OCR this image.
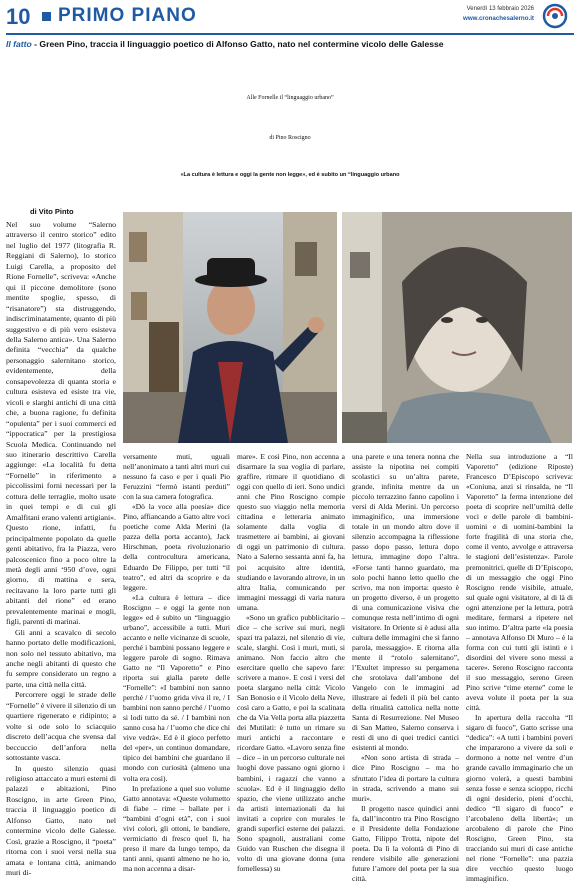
10 PRIMO PIANO	Venerdì 13 febbraio 2026
www.cronachesalerno.it
Il fatto - Green Pino, traccia il linguaggio poetico di Alfonso Gatto, nato nel contermine vicolo delle Galesse
Alle Fornelle il “linguaggio urbano”
di Pino Roscigno
«La cultura è lettura e oggi la gente non legge», ed è subito un “linguaggio urbano
di Vito Pinto

Nel suo volume “Salerno attraverso il centro storico” edito nel luglio del 1977 (litografia R. Reggiani di Salerno), lo storico Luigi Carella, a proposito del Rione Fornelle”, scriveva: «Anche qui il piccone demolitore (sono mentite spoglie, spesso, di “risanatore”) sta distruggendo, indiscriminatamente, quanto di più suggestivo e di più vero esisteva della Salerno antica». Una Salerno definita “vecchia” da qualche personaggio salernitano storico, evidentemente, della consapevolezza di quanta storia e cultura esisteva ed esiste tra vie, vicoli e slarghi antichi di una città che, a buona ragione, fu definita “opulenta” per i suoi commerci ed “ippocratica” per la prestigiosa Scuola Medica. Continuando nel suo itinerario descrittivo Carella aggiunge: «La località fu detta “Fornelle” in riferimento a piccolissimi forni necessari per la cottura delle terraglie, molto usate in quei tempi e di cui gli Amalfitani erano valenti artigiani». Questo rione, infatti, fu principalmente popolato da quelle genti abitativo, fra la Piazza, vero palcoscenico fino a poco oltre la metà degli anni ‘950 d’ove, ogni giorno, di mattina e sera, recitavano la loro parte tutti gli abitanti del rione” ed erano prevalentemente marinai e mogli, figli, parenti di marinai.

Gli anni a scavalco di secolo hanno portato delle modificazioni, non solo nel tessuto abitativo, ma anche negli abitanti di questo che fu sempre considerato un regno a parte, una città nella città.

Percorrere oggi le strade delle “Fornelle” è vivere il silenzio di un quartiere rigenerato e ridipinto; a volte si ode solo lo sciacquio discreto dell’acqua che svensa dal beccuccio dell’anfora nella sottostante vasca.

In questo silenzio quasi religioso attaccato a muri esterni di palazzi e abitazioni, Pino Roscigno, in arte Green Pino, traccia il linguaggio poetico di Alfonso Gatto, nato nel contermine vicolo delle Galesse. Così, grazie a Roscigno, il “poeta” ritorna con i suoi versi nella sua amata e lontana città, animando muri di-

versamente muti, uguali nell’anonimato a tanti altri muri cui nessuno fa caso e per i quali Pio Feruzzini “fermò istanti perduti” con la sua camera fotografica.

«Dò la voce alla poesia» dice Pino, affiancando a Gatto altre voci poetiche come Alda Merini (la pazza della porta accanto), Jack Hirschman, poeta rivoluzionario della controcultura americana, Eduardo De Filippo, per tutti “il teatro”, ed altri da scoprire e da leggere.

«La cultura è lettura – dice Roscigno – e oggi la gente non legge» ed è subito un “linguaggio urbano”, accessibile a tutti. Muri accanto e nelle vicinanze di scuole, perché i bambini possano leggere e leggere parole di sogno. Rimava Gatto ne “Il Vaporetto” e Pino riporta sui gialla parete delle “Fornelle”: «I bambini non sanno perché / l’uomo grida viva il re, / I bambini non sanno perché / l’uomo si lodi tutto da sé. / I bambini non sanno cosa ha / l’uomo che dice chi vive vedrà». Ed è il gioco perfetto del «per», un continuo domandare, tipico dei bambini che guardano il mondo con curiosità (almeno una volta era così).

In prefazione a quel suo volume Gatto annotava: «Queste volumetto di fiabe – rime – ballate per i “bambini d’ogni età”, con i suoi vivi colori, gli ottoni, le bandiere, vermiciatto di fresco quel lì, ha preso il mare da lungo tempo, da tanti anni, quanti almeno ne ho io, ma non accenna a disar-

mare». E così Pino, non accenna a disarmare la sua voglia di parlare, graffire, ritmare il quotidiano di oggi con quello di ieri. Sono undici anni che Pino Roscigno compie questo suo viaggio nella memoria cittadina e letteraria animato solamente dalla voglia di trasmettere ai bambini, ai giovani di oggi un patrimonio di cultura. Nato a Salerno sessanta anni fa, ha poi acquisito altre identità, studiando e lavorando altrove, in un altra Italia, comunicando per immagini messaggi di varia natura umana.

«Sono un grafico pubblicitario – dice – che scrive sui muri, negli spazi tra palazzi, nel silenzio di vie, scale, slarghi. Così i muri, muti, si animano. Non faccio altro che esercitare quello che sapevo fare: scrivere a mano». E così i versi del poeta slargano nella città: Vicolo San Bonosio e il Vicolo della Neve, così caro a Gatto, e poi la scalinata che da Via Vella porta alla piazzetta dei Mutilati: è tutto un rimare su muri antichi a raccontare e ricordare Gatto. «Lavoro senza fine – dice – in un percorso culturale nei luoghi dove passano ogni giorno i bambini, i ragazzi che vanno a scuola». Ed è il linguaggio dello spazio, che viene utilizzato anche da artisti internazionali da lui invitati a coprire con murales le grandi superfici esterne dei palazzi. Sono spagnoli, australiani come Guido van Ruschen che disegna il volto di una giovane donna (una fornellessa) su

una parete e una tenera nonna che assiste la nipotina nei compiti scolastici su un’altra parete, grande, infinita mentre da un piccolo terrazzino fanno capolino i versi di Alda Merini. Un percorso immaginifico, una immersione totale in un mondo altro dove il silenzio accompagna la riflessione passo dopo passo, lettura dopo lettura, immagine dopo l’altra. «Forse tanti hanno guardato, ma solo pochi hanno letto quello che scrivo, ma non importa: questo è un progetto diverso, è un progetto di una comunicazione visiva che comunque resta nell’intimo di ogni visitatore. In Oriente si è adusi alla cultura delle immagini che si fanno parola, messaggio». E ritorna alla mente il “rotolo salernitano”, l’Exultet impresso su pergamena che srotolava dall’ambone del Vangelo con le immagini ad illustrare ai fedeli il più bel canto della ritualità cattolica nella notte Santa di Resurrezione. Nel Museo di San Matteo, Salerno conserva i resti di uno di quei tredici cantici esistenti al mondo.

«Non sono artista di strada – dice Pino Roscigno – ma ho sfruttato l’idea di portare la cultura in strada, scrivendo a mano sui muri».

Il progetto nasce quindici anni fa, dall’incontro tra Pino Roscigno e il Presidente della Fondazione Gatto, Filippo Trotta, nipote del poeta. Da lì la volontà di Pino di rendere visibile alle generazioni future l’amore del poeta per la sua città.

Nella sua introduzione a “Il Vaporetto” (edizione Riposte) Francesco D’Episcopo scriveva: «Coniuna, anzi si rinsalda, ne “Il Vaporetto” la ferma intenzione del poeta di scoprire nell’umiltà delle voci e delle parole di bambini-uomini e di uomini-bambini la forte fragilità di una storia che, come il vento, avvolge e attraversa le stagioni dell’esistenza». Parole premonitrici, quelle di D’Episcopo, di un messaggio che oggi Pino Roscigno rende visibile, attuale, sul quale ogni visitatore, al di là di ogni attenzione per la lettura, potrà meditare, fermarsi a ripetere nel suo intimo. D’altra parte «la poesia – annotava Alfonso Di Muro – è la forma con cui tutti gli istinti e i disordini del vivere sono messi a tacere». Sereno Roscigno racconta il suo messaggio, sereno Green Pino scrive “rime eterne” come le aveva volute il poeta per la sua città.

In apertura della raccolta “Il sigaro di fuoco”, Gatto scrisse una “dedica”: «A tutti i bambini poveri che impararono a vivere da soli e dormono a notte nel ventre d’un grande cavallo immaginario che un giorno volerà, a questi bambini senza fosse e senza scioppo, ricchi di ogni desiderio, pieni d’occhi, dedico “Il sigaro di fuoco” e l’arcobaleno della libertà»; un arcobaleno di parole che Pino Roscigno, Green Pino, sta tracciando sui muri di case antiche nel rione “Fornelle”: una pazzia dire vecchio questo luogo immaginifico.
